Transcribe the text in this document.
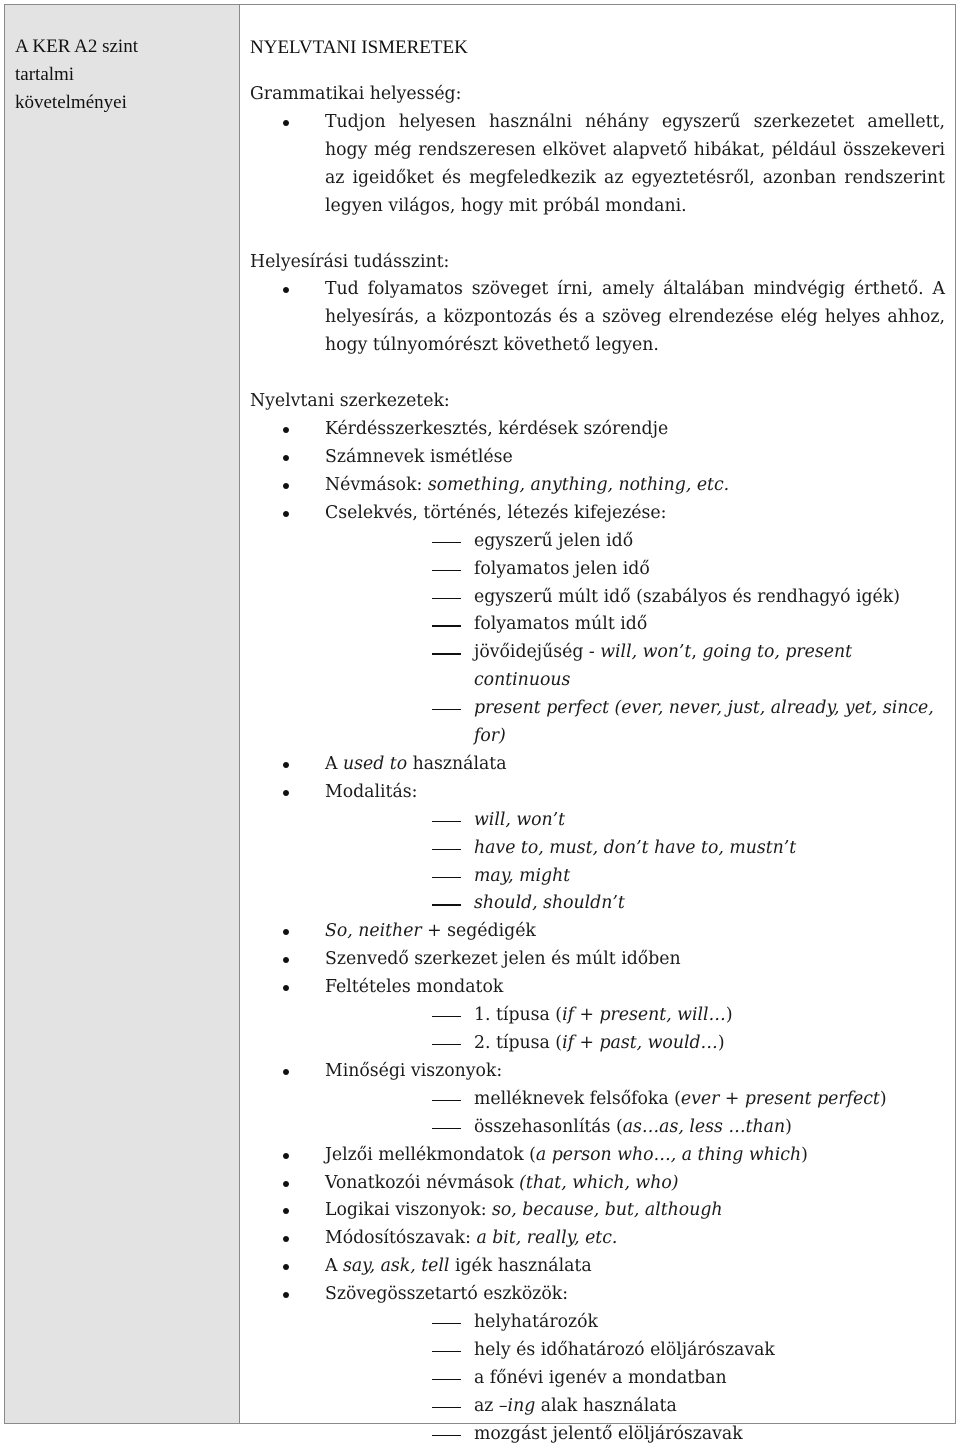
A KER A2 szint
tartalmi
követelményei
NYELVTANI ISMERETEK
Grammatikai helyesség:
Tudjon helyesen használni néhány egyszerű szerkezetet amellett, hogy még rendszeresen elkövet alapvető hibákat, például összekeveri az igeidőket és megfeledkezik az egyeztetésről, azonban rendszerint legyen világos, hogy mit próbál mondani.
Helyesírási tudásszint:
Tud folyamatos szöveget írni, amely általában mindvégig érthető. A helyesírás, a központozás és a szöveg elrendezése elég helyes ahhoz, hogy túlnyomórészt követhető legyen.
Nyelvtani szerkezetek:
Kérdésszerkesztés, kérdések szórendje
Számnevek ismétlése
Névmások: something, anything, nothing, etc.
Cselekvés, történés, létezés kifejezése:
egyszerű jelen idő
folyamatos jelen idő
egyszerű múlt idő (szabályos és rendhagyó igék)
folyamatos múlt idő
jövőidejűség - will, won’t, going to, present continuous
present perfect (ever, never, just, already, yet, since, for)
A used to használata
Modalitás:
will, won’t
have to, must, don’t have to, mustn’t
may, might
should, shouldn’t
So, neither + segédigék
Szenvedő szerkezet jelen és múlt időben
Feltételes mondatok
1. típusa (if + present, will…)
2. típusa (if + past, would…)
Minőségi viszonyok:
melléknevek felsőfoka (ever + present perfect)
összehasonlítás (as…as, less …than)
Jelzői mellékmondatok (a person who…, a thing which)
Vonatkozói névmások (that, which, who)
Logikai viszonyok: so, because, but, although
Módosítószavak: a bit, really, etc.
A say, ask, tell igék használata
Szövegösszetartó eszközök:
helyhatározók
hely és időhatározó elöljárószavak
a főnévi igenév a mondatban
az –ing alak használata
mozgást jelentő elöljárószavak
